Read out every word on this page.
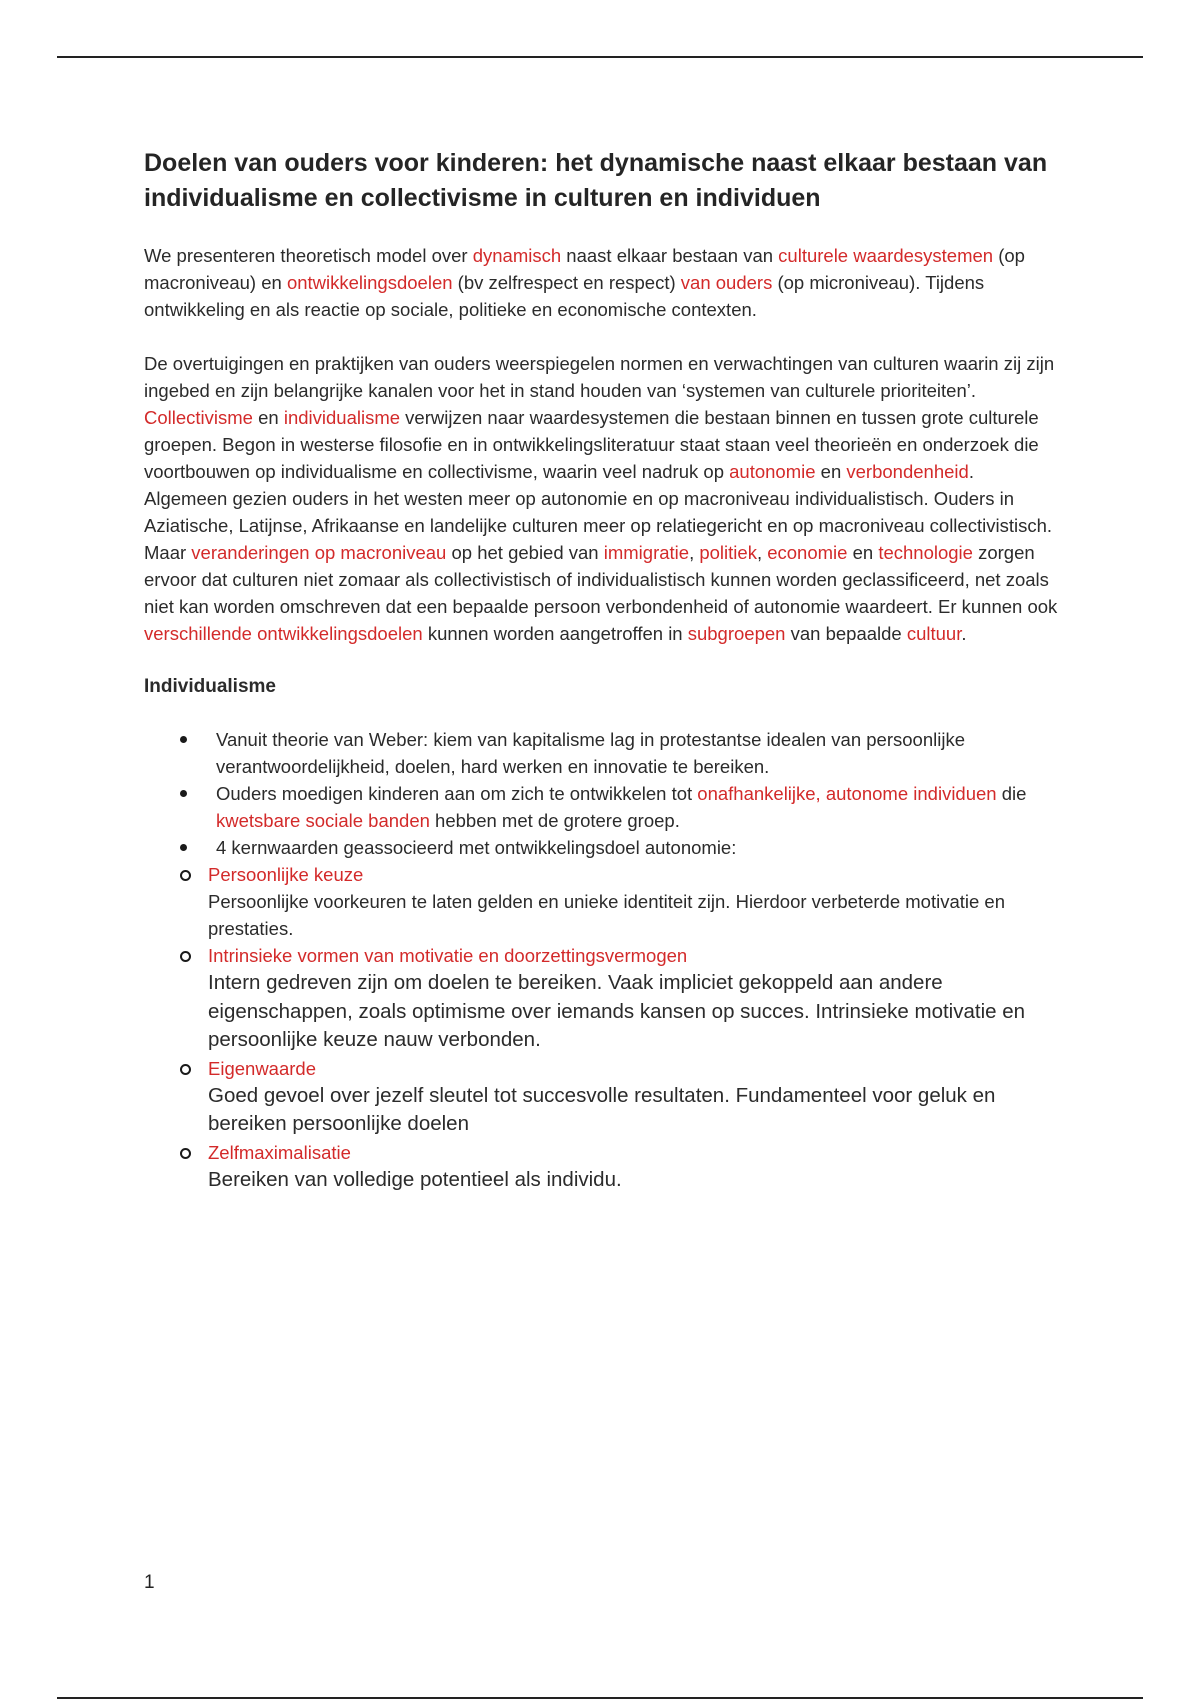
Doelen van ouders voor kinderen: het dynamische naast elkaar bestaan van individualisme en collectivisme in culturen en individuen

We presenteren theoretisch model over dynamisch naast elkaar bestaan van culturele waardesystemen (op macroniveau) en ontwikkelingsdoelen (bv zelfrespect en respect) van ouders (op microniveau). Tijdens ontwikkeling en als reactie op sociale, politieke en economische contexten.

De overtuigingen en praktijken van ouders weerspiegelen normen en verwachtingen van culturen waarin zij zijn ingebed en zijn belangrijke kanalen voor het in stand houden van ‘systemen van culturele prioriteiten’.

Collectivisme en individualisme verwijzen naar waardesystemen die bestaan binnen en tussen grote culturele groepen. Begon in westerse filosofie en in ontwikkelingsliteratuur staat staan veel theorieën en onderzoek die voortbouwen op individualisme en collectivisme, waarin veel nadruk op autonomie en verbondenheid.

Algemeen gezien ouders in het westen meer op autonomie en op macroniveau individualistisch. Ouders in Aziatische, Latijnse, Afrikaanse en landelijke culturen meer op relatiegericht en op macroniveau collectivistisch.

Maar veranderingen op macroniveau op het gebied van immigratie, politiek, economie en technologie zorgen ervoor dat culturen niet zomaar als collectivistisch of individualistisch kunnen worden geclassificeerd, net zoals niet kan worden omschreven dat een bepaalde persoon verbondenheid of autonomie waardeert. Er kunnen ook verschillende ontwikkelingsdoelen kunnen worden aangetroffen in subgroepen van bepaalde cultuur.

Individualisme
Vanuit theorie van Weber: kiem van kapitalisme lag in protestantse idealen van persoonlijke verantwoordelijkheid, doelen, hard werken en innovatie te bereiken.
Ouders moedigen kinderen aan om zich te ontwikkelen tot onafhankelijke, autonome individuen die kwetsbare sociale banden hebben met de grotere groep.
4 kernwaarden geassocieerd met ontwikkelingsdoel autonomie:
Persoonlijke keuze
Persoonlijke voorkeuren te laten gelden en unieke identiteit zijn. Hierdoor verbeterde motivatie en prestaties.
Intrinsieke vormen van motivatie en doorzettingsvermogen
Intern gedreven zijn om doelen te bereiken. Vaak impliciet gekoppeld aan andere eigenschappen, zoals optimisme over iemands kansen op succes. Intrinsieke motivatie en persoonlijke keuze nauw verbonden.
Eigenwaarde
Goed gevoel over jezelf sleutel tot succesvolle resultaten. Fundamenteel voor geluk en bereiken persoonlijke doelen
Zelfmaximalisatie
Bereiken van volledige potentieel als individu.
1
